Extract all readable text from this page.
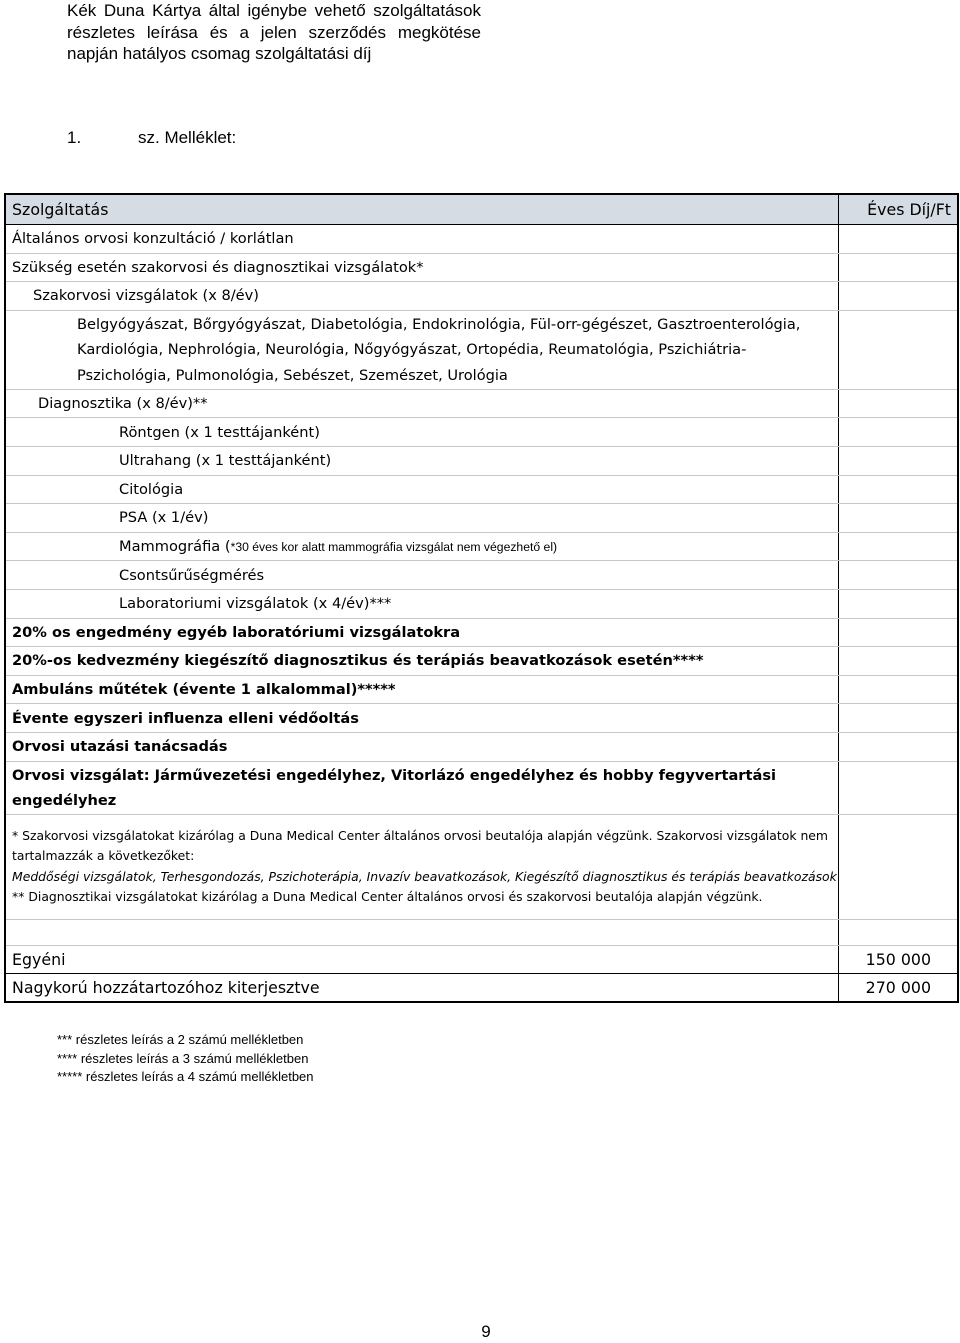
Kék Duna Kártya által igénybe vehető szolgáltatások részletes leírása és a jelen szerződés megkötése napján hatályos csomag szolgáltatási díj
1.	sz. Melléklet:
Szolgáltatás	Éves Díj/Ft
Általános orvosi konzultáció / korlátlan	
Szükség esetén szakorvosi és diagnosztikai vizsgálatok*	
Szakorvosi vizsgálatok (x 8/év)	
Belgyógyászat, Bőrgyógyászat, Diabetológia, Endokrinológia, Fül-orr-gégészet, Gasztroenterológia, Kardiológia, Nephrológia, Neurológia, Nőgyógyászat, Ortopédia, Reumatológia, Pszichiátria-Pszichológia, Pulmonológia, Sebészet, Szemészet, Urológia	
Diagnosztika (x 8/év)**	
Röntgen (x 1 testtájanként)	
Ultrahang (x 1 testtájanként)	
Citológia	
PSA (x 1/év)	
Mammográfia (*30 éves kor alatt mammográfia vizsgálat nem végezhető el)	
Csontsűrűségmérés	
Laboratoriumi vizsgálatok (x 4/év)***	
20% os engedmény egyéb laboratóriumi vizsgálatokra	
20%-os kedvezmény kiegészítő diagnosztikus és terápiás beavatkozások esetén****	
Ambuláns műtétek (évente 1 alkalommal)*****	
Évente egyszeri influenza elleni védőoltás	
Orvosi utazási tanácsadás	
Orvosi vizsgálat: Járművezetési engedélyhez, Vitorlázó engedélyhez és hobby fegyvertartási engedélyhez	
* Szakorvosi vizsgálatokat kizárólag a Duna Medical Center általános orvosi beutalója alapján végzünk. Szakorvosi vizsgálatok nem tartalmazzák a következőket:
Meddőségi vizsgálatok, Terhesgondozás, Pszichoterápia, Invazív beavatkozások, Kiegészítő diagnosztikus és terápiás beavatkozások
** Diagnosztikai vizsgálatokat kizárólag a Duna Medical Center általános orvosi és szakorvosi beutalója alapján végzünk.	

Egyéni	150 000
Nagykorú hozzátartozóhoz kiterjesztve	270 000
*** részletes leírás a 2 számú mellékletben
**** részletes leírás a 3 számú mellékletben
***** részletes leírás a 4 számú mellékletben
9
